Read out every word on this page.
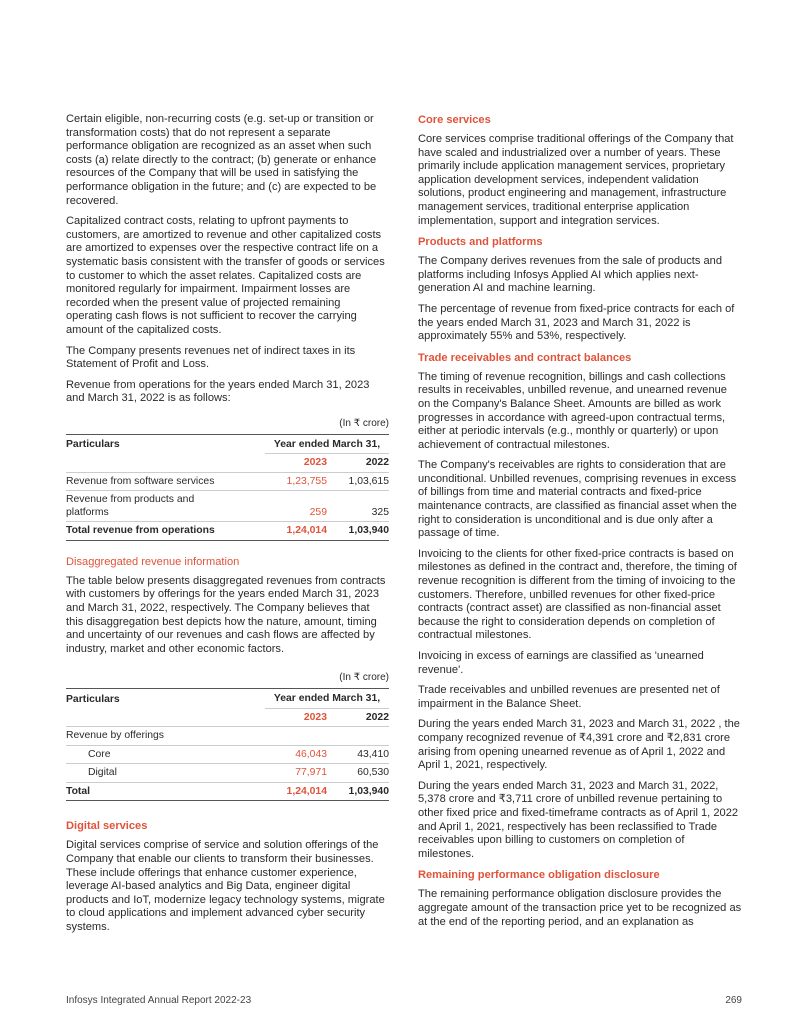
Certain eligible, non-recurring costs (e.g. set-up or transition or transformation costs) that do not represent a separate performance obligation are recognized as an asset when such costs (a) relate directly to the contract; (b) generate or enhance resources of the Company that will be used in satisfying the performance obligation in the future; and (c) are expected to be recovered.

Capitalized contract costs, relating to upfront payments to customers, are amortized to revenue and other capitalized costs are amortized to expenses over the respective contract life on a systematic basis consistent with the transfer of goods or services to customer to which the asset relates. Capitalized costs are monitored regularly for impairment. Impairment losses are recorded when the present value of projected remaining operating cash flows is not sufficient to recover the carrying amount of the capitalized costs.

The Company presents revenues net of indirect taxes in its Statement of Profit and Loss.

Revenue from operations for the years ended March 31, 2023 and March 31, 2022 is as follows:

(In ₹ crore)
Particulars	Year ended March 31,	
	2023	2022
Revenue from software services	1,23,755	1,03,615
Revenue from products and platforms	259	325
Total revenue from operations	1,24,014	1,03,940
Disaggregated revenue information

The table below presents disaggregated revenues from contracts with customers by offerings for the years ended March 31, 2023 and March 31, 2022, respectively. The Company believes that this disaggregation best depicts how the nature, amount, timing and uncertainty of our revenues and cash flows are affected by industry, market and other economic factors.

(In ₹ crore)
Particulars	Year ended March 31,	
	2023	2022
Revenue by offerings		
Core	46,043	43,410
Digital	77,971	60,530
Total	1,24,014	1,03,940
Digital services

Digital services comprise of service and solution offerings of the Company that enable our clients to transform their businesses. These include offerings that enhance customer experience, leverage AI-based analytics and Big Data, engineer digital products and IoT, modernize legacy technology systems, migrate to cloud applications and implement advanced cyber security systems.

Core services

Core services comprise traditional offerings of the Company that have scaled and industrialized over a number of years. These primarily include application management services, proprietary application development services, independent validation solutions, product engineering and management, infrastructure management services, traditional enterprise application implementation, support and integration services.

Products and platforms

The Company derives revenues from the sale of products and platforms including Infosys Applied AI which applies next-generation AI and machine learning.

The percentage of revenue from fixed-price contracts for each of the years ended March 31, 2023 and March 31, 2022 is approximately 55% and 53%, respectively.

Trade receivables and contract balances

The timing of revenue recognition, billings and cash collections results in receivables, unbilled revenue, and unearned revenue on the Company's Balance Sheet. Amounts are billed as work progresses in accordance with agreed-upon contractual terms, either at periodic intervals (e.g., monthly or quarterly) or upon achievement of contractual milestones.

The Company's receivables are rights to consideration that are unconditional. Unbilled revenues, comprising revenues in excess of billings from time and material contracts and fixed-price maintenance contracts, are classified as financial asset when the right to consideration is unconditional and is due only after a passage of time.

Invoicing to the clients for other fixed-price contracts is based on milestones as defined in the contract and, therefore, the timing of revenue recognition is different from the timing of invoicing to the customers. Therefore, unbilled revenues for other fixed-price contracts (contract asset) are classified as non-financial asset because the right to consideration depends on completion of contractual milestones.

Invoicing in excess of earnings are classified as 'unearned revenue'.

Trade receivables and unbilled revenues are presented net of impairment in the Balance Sheet.

During the years ended March 31, 2023 and March 31, 2022 , the company recognized revenue of ₹4,391 crore and ₹2,831 crore arising from opening unearned revenue as of April 1, 2022 and April 1, 2021, respectively.

During the years ended March 31, 2023 and March 31, 2022, 5,378 crore and ₹3,711 crore of unbilled revenue pertaining to other fixed price and fixed-timeframe contracts as of April 1, 2022 and April 1, 2021, respectively has been reclassified to Trade receivables upon billing to customers on completion of milestones.

Remaining performance obligation disclosure

The remaining performance obligation disclosure provides the aggregate amount of the transaction price yet to be recognized as at the end of the reporting period, and an explanation as

Infosys Integrated Annual Report 2022-23	269
